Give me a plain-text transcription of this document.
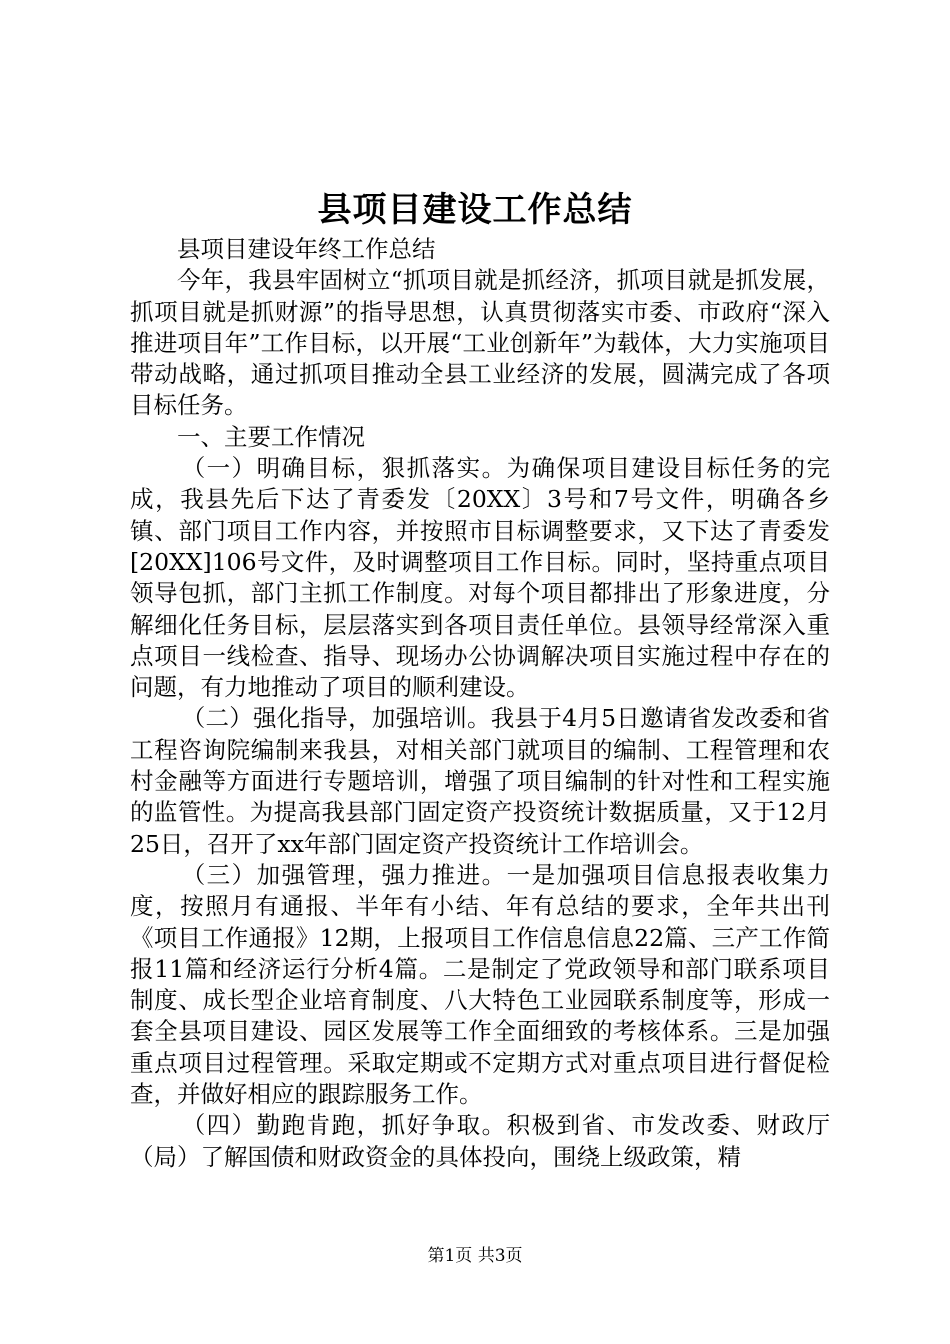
县项目建设工作总结

县项目建设年终工作总结

今年，我县牢固树立“抓项目就是抓经济，抓项目就是抓发展，抓项目就是抓财源”的指导思想，认真贯彻落实市委、市政府“深入推进项目年”工作目标，以开展“工业创新年”为载体，大力实施项目带动战略，通过抓项目推动全县工业经济的发展，圆满完成了各项目标任务。

一、主要工作情况

（一）明确目标，狠抓落实。为确保项目建设目标任务的完成，我县先后下达了青委发〔20XX〕3号和7号文件，明确各乡镇、部门项目工作内容，并按照市目标调整要求，又下达了青委发[20XX]106号文件，及时调整项目工作目标。同时，坚持重点项目领导包抓，部门主抓工作制度。对每个项目都排出了形象进度，分解细化任务目标，层层落实到各项目责任单位。县领导经常深入重点项目一线检查、指导、现场办公协调解决项目实施过程中存在的问题，有力地推动了项目的顺利建设。

（二）强化指导，加强培训。我县于4月5日邀请省发改委和省工程咨询院编制来我县，对相关部门就项目的编制、工程管理和农村金融等方面进行专题培训，增强了项目编制的针对性和工程实施的监管性。为提高我县部门固定资产投资统计数据质量，又于12月25日，召开了xx年部门固定资产投资统计工作培训会。

（三）加强管理，强力推进。一是加强项目信息报表收集力度，按照月有通报、半年有小结、年有总结的要求，全年共出刊《项目工作通报》12期，上报项目工作信息信息22篇、三产工作简报11篇和经济运行分析4篇。二是制定了党政领导和部门联系项目制度、成长型企业培育制度、八大特色工业园联系制度等，形成一套全县项目建设、园区发展等工作全面细致的考核体系。三是加强重点项目过程管理。采取定期或不定期方式对重点项目进行督促检查，并做好相应的跟踪服务工作。

（四）勤跑肯跑，抓好争取。积极到省、市发改委、财政厅（局）了解国债和财政资金的具体投向，围绕上级政策，精

第1页 共3页
